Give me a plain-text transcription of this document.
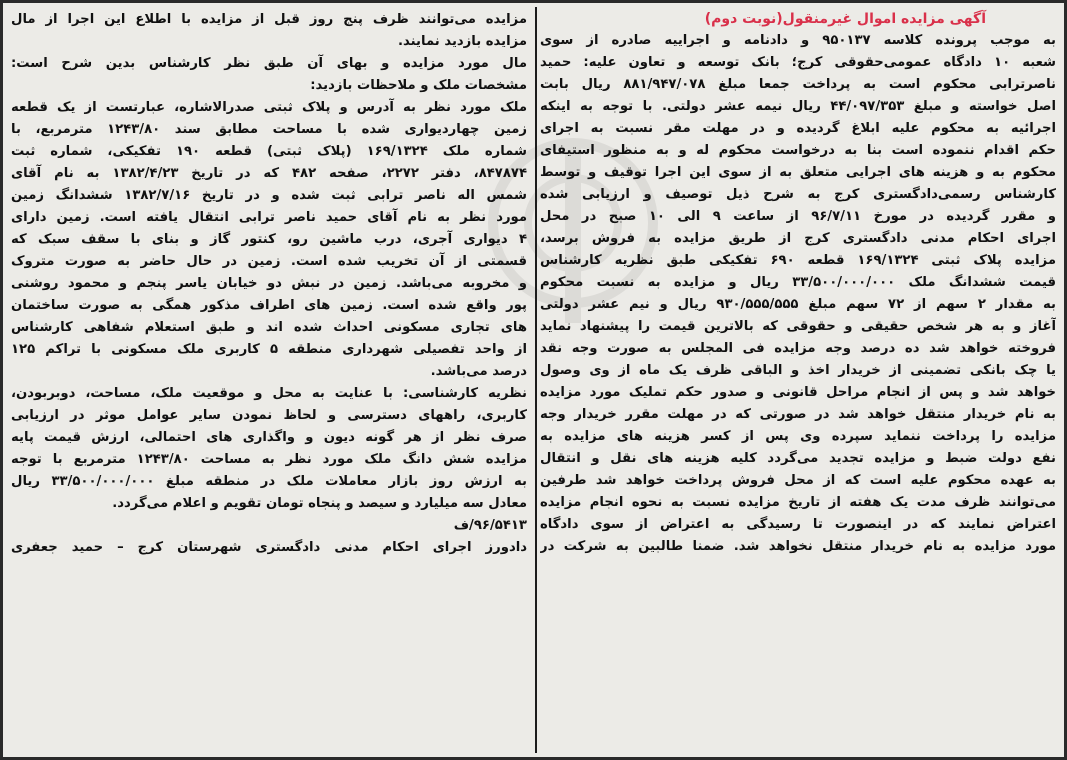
آگهی مزایده اموال غیرمنقول(نوبت دوم)
به موجب پرونده کلاسه ۹۵۰۱۳۷ و دادنامه و اجراییه صادره از سوی
شعبه ۱۰ دادگاه عمومی‌حقوقی کرج؛ بانک توسعه و تعاون علیه: حمید
ناصرترابی محکوم است به پرداخت جمعا مبلغ ۸۸۱/۹۴۷/۰۷۸ ریال بابت
اصل خواسته و مبلغ ۴۴/۰۹۷/۳۵۳ ریال نیمه عشر دولتی. با توجه به اینکه
اجرائیه به محکوم علیه ابلاغ گردیده و در مهلت مقر نسبت به اجرای
حکم اقدام ننموده است بنا به درخواست محکوم له و به منظور استیفای
محکوم به و هزینه های اجرایی متعلق به از سوی این اجرا توقیف و توسط
کارشناس رسمی‌دادگستری کرج به شرح ذیل توصیف و ارزیابی شده
و مقرر گردیده در مورخ ۹۶/۷/۱۱ از ساعت ۹ الی ۱۰ صبح در محل
اجرای احکام مدنی دادگستری کرج از طریق مزایده به فروش برسد،
مزایده پلاک ثبتی ۱۶۹/۱۳۲۴ قطعه ۶۹۰ تفکیکی طبق نظریه کارشناس
قیمت ششدانگ ملک ۳۳/۵۰۰/۰۰۰/۰۰۰ ریال و مزایده به نسبت محکوم
به مقدار ۲ سهم از ۷۲ سهم مبلغ ۹۳۰/۵۵۵/۵۵۵ ریال و نیم عشر دولتی
آغاز و به هر شخص حقیقی و حقوقی که بالاترین قیمت را پیشنهاد نماید
فروخته خواهد شد ده درصد وجه مزایده فی المجلس به صورت وجه نقد
یا چک بانکی تضمینی از خریدار اخذ و الباقی ظرف یک ماه از وی وصول
خواهد شد و پس از انجام مراحل قانونی و صدور حکم تملیک مورد مزایده
به نام خریدار منتقل خواهد شد در صورتی که در مهلت مقرر خریدار وجه
مزایده را پرداخت ننماید سپرده وی پس از کسر هزینه های مزایده به
نفع دولت ضبط و مزایده تجدید می‌گردد کلیه هزینه های نقل و انتقال
به عهده محکوم علیه است که از محل فروش پرداخت خواهد شد طرفین
می‌توانند ظرف مدت یک هفته از تاریخ مزایده نسبت به نحوه انجام مزایده
اعتراض نمایند که در اینصورت تا رسیدگی به اعتراض از سوی دادگاه
مورد مزایده به نام خریدار منتقل نخواهد شد. ضمنا طالبین به شرکت در
مزایده می‌توانند ظرف پنج روز قبل از مزایده با اطلاع این اجرا از مال
مزایده بازدید نمایند.
مال مورد مزایده و بهای آن طبق نظر کارشناس بدین شرح است:
مشخصات ملک و ملاحظات بازدید:
ملک مورد نظر به آدرس و پلاک ثبتی صدرالاشاره، عبارتست از یک قطعه
زمین چهاردیواری شده با مساحت مطابق سند ۱۲۴۳/۸۰ مترمربع، با
شماره ملک ۱۶۹/۱۳۲۴ (پلاک ثبتی) قطعه ۱۹۰ تفکیکی، شماره ثبت
۸۴۷۸۷۴، دفتر ۲۲۷۲، صفحه ۴۸۲ که در تاریخ ۱۳۸۲/۴/۲۳ به نام آقای
شمس اله ناصر ترابی ثبت شده و در تاریخ ۱۳۸۲/۷/۱۶ ششدانگ زمین
مورد نظر به نام آقای حمید ناصر ترابی انتقال یافته است. زمین دارای
۴ دیواری آجری، درب ماشین رو، کنتور گاز و بنای با سقف سبک که
قسمتی از آن تخریب شده است. زمین در حال حاضر به صورت متروک
و مخروبه می‌باشد. زمین در نبش دو خیابان یاسر پنجم و محمود روشنی
پور واقع شده است. زمین های اطراف مذکور همگی به صورت ساختمان
های تجاری مسکونی احداث شده اند و طبق استعلام شفاهی کارشناس
از واحد تفصیلی شهرداری منطقه ۵ کاربری ملک مسکونی با تراکم ۱۲۵
درصد می‌باشد.
نظریه کارشناسی: با عنایت به محل و موقعیت ملک، مساحت، دوبربودن،
کاربری، راههای دسترسی و لحاظ نمودن سایر عوامل موثر در ارزیابی
صرف نظر از هر گونه دیون و واگذاری های احتمالی، ارزش قیمت پایه
مزایده شش دانگ ملک مورد نظر به مساحت ۱۲۴۳/۸۰ مترمربع با توجه
به ارزش روز بازار معاملات ملک در منطقه مبلغ ۳۳/۵۰۰/۰۰۰/۰۰۰ ریال
معادل سه میلیارد و سیصد و پنجاه تومان تقویم و اعلام می‌گردد.
۹۶/۵۴۱۳/ف
دادورز اجرای احکام مدنی دادگستری شهرستان کرج – حمید جعفری
